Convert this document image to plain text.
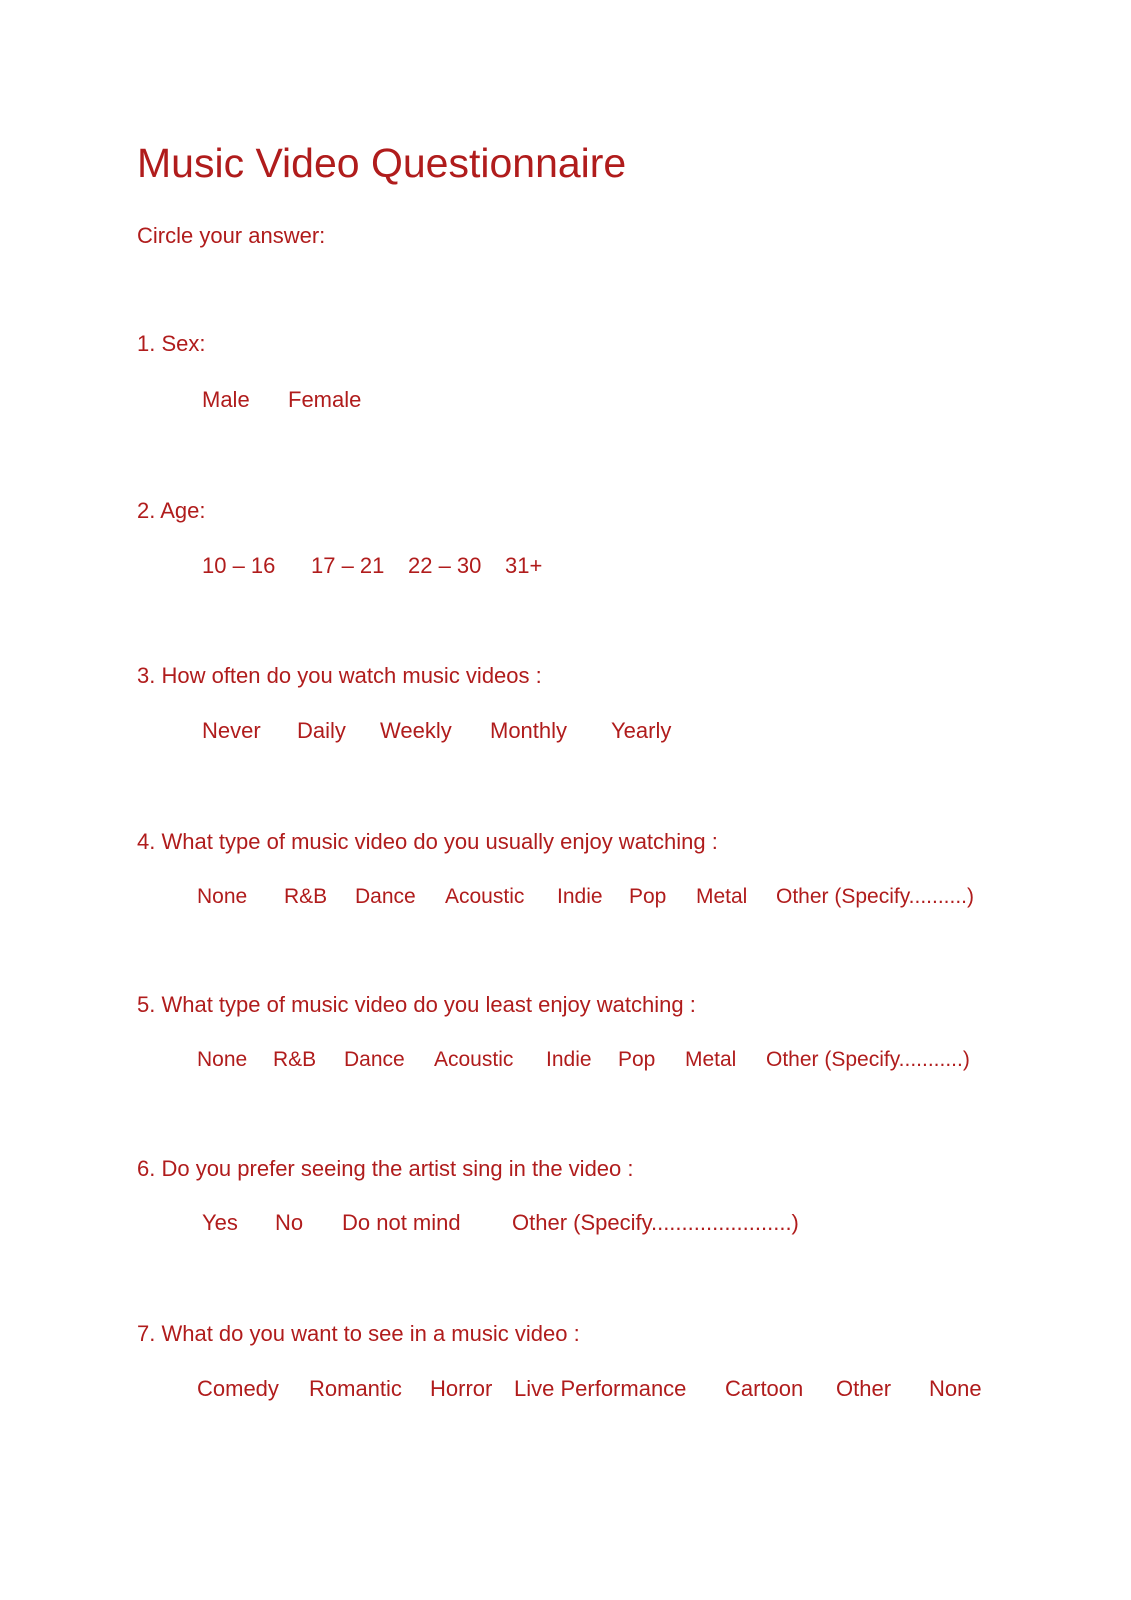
Music Video Questionnaire
Circle your answer:
1. Sex:
Male Female
2. Age:
10 – 16 17 – 21 22 – 30 31+
3. How often do you watch music videos :
Never Daily Weekly Monthly Yearly
4. What type of music video do you usually enjoy watching :
None R&B Dance Acoustic Indie Pop Metal Other (Specify..........)
5. What type of music video do you least enjoy watching :
None R&B Dance Acoustic Indie Pop Metal Other (Specify...........)
6. Do you prefer seeing the artist sing in the video :
Yes No Do not mind Other (Specify.......................)
7. What do you want to see in a music video :
Comedy Romantic Horror Live Performance Cartoon Other None
